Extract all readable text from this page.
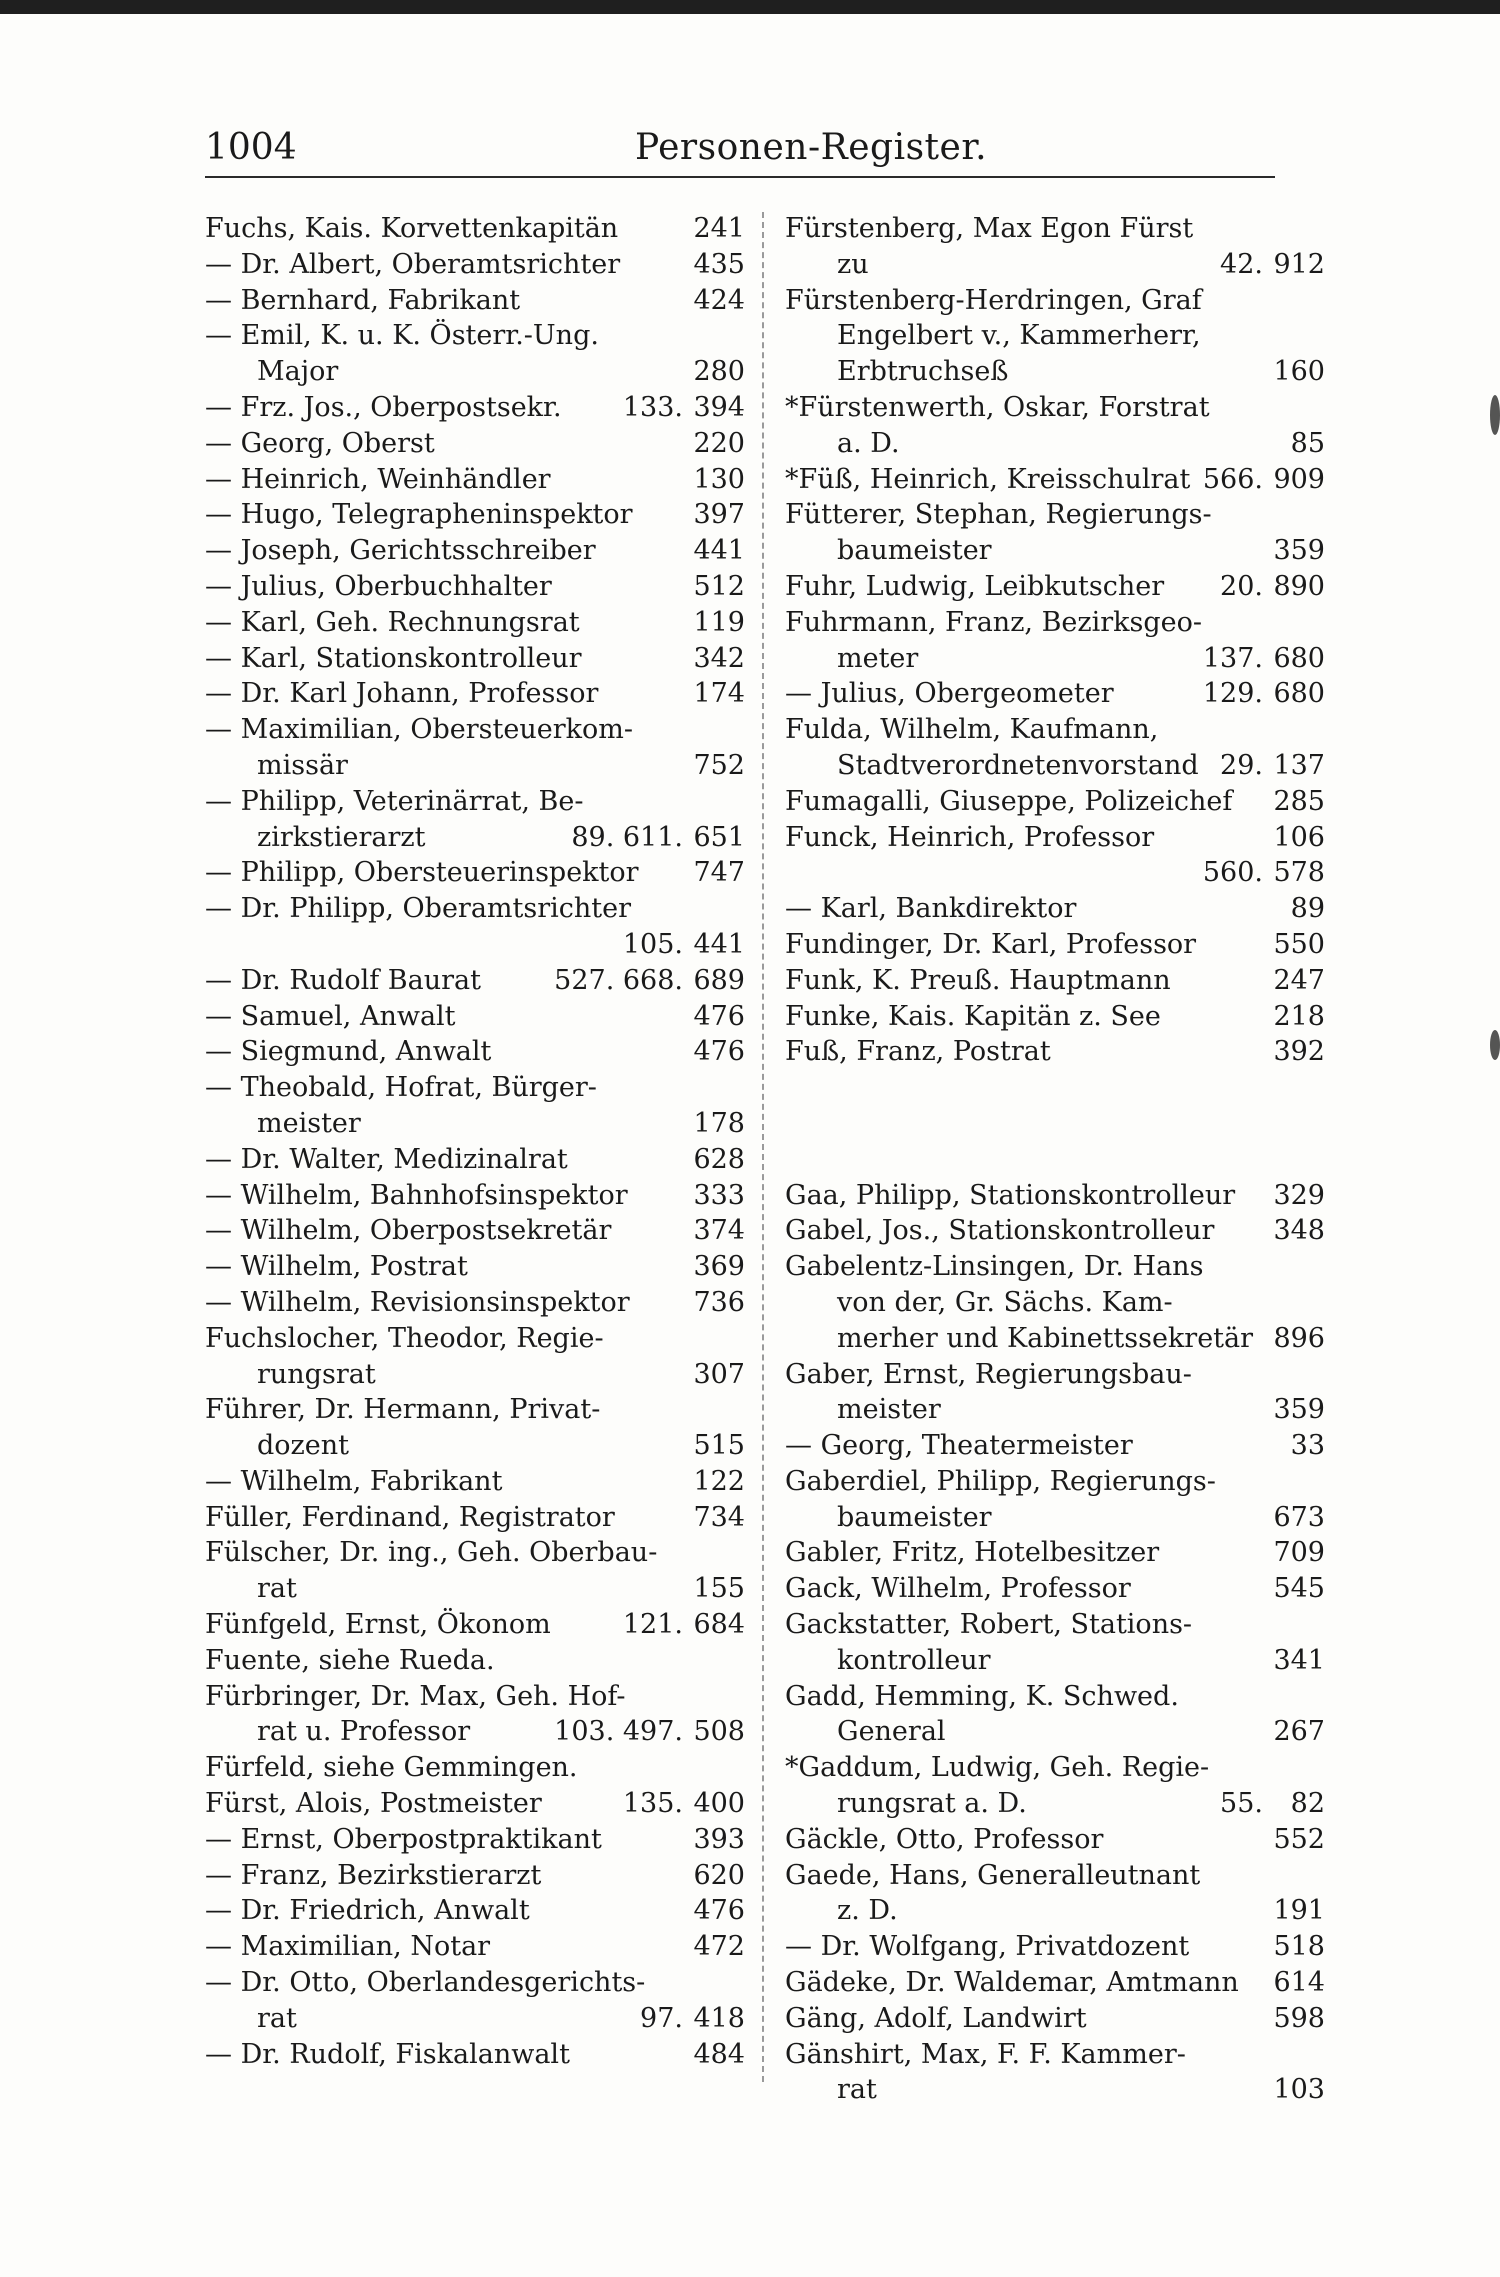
1004	Personen-Register.
Fuchs, Kais. Korvettenkapitän	241
— Dr. Albert, Oberamtsrichter	435
— Bernhard, Fabrikant	424
— Emil, K. u. K. Österr.-Ung.
Major	280
— Frz. Jos., Oberpostsekr. 133. 394
— Georg, Oberst	220
— Heinrich, Weinhändler	130
— Hugo, Telegrapheninspektor	397
— Joseph, Gerichtsschreiber	441
— Julius, Oberbuchhalter	512
— Karl, Geh. Rechnungsrat	119
— Karl, Stationskontrolleur	342
— Dr. Karl Johann, Professor	174
— Maximilian, Obersteuerkom-
missär	752
— Philipp, Veterinärrat, Be-
zirkstierarzt	89. 611. 651
— Philipp, Obersteuerinspektor	747
— Dr. Philipp, Oberamtsrichter
105. 441
— Dr. Rudolf Baurat	527. 668. 689
— Samuel, Anwalt	476
— Siegmund, Anwalt	476
— Theobald, Hofrat, Bürger-
meister	178
— Dr. Walter, Medizinalrat	628
— Wilhelm, Bahnhofsinspektor	333
— Wilhelm, Oberpostsekretär	374
— Wilhelm, Postrat	369
— Wilhelm, Revisionsinspektor	736
Fuchslocher, Theodor, Regie-
rungsrat	307
Führer, Dr. Hermann, Privat-
dozent	515
— Wilhelm, Fabrikant	122
Füller, Ferdinand, Registrator	734
Fülscher, Dr. ing., Geh. Oberbau-
rat	155
Fünfgeld, Ernst, Ökonom	121. 684
Fuente, siehe Rueda.
Fürbringer, Dr. Max, Geh. Hof-
rat u. Professor	103. 497. 508
Fürfeld, siehe Gemmingen.
Fürst, Alois, Postmeister	135. 400
— Ernst, Oberpostpraktikant	393
— Franz, Bezirkstierarzt	620
— Dr. Friedrich, Anwalt	476
— Maximilian, Notar	472
— Dr. Otto, Oberlandesgerichts-
rat	97. 418
— Dr. Rudolf, Fiskalanwalt	484
Fürstenberg, Max Egon Fürst
zu	42. 912
Fürstenberg-Herdringen, Graf
Engelbert v., Kammerherr,
Erbtruchseß	160
*Fürstenwerth, Oskar, Forstrat
a. D.	85
*Füß, Heinrich, Kreisschulrat 566. 909
Fütterer, Stephan, Regierungs-
baumeister	359
Fuhr, Ludwig, Leibkutscher 20. 890
Fuhrmann, Franz, Bezirksgeo-
meter	137. 680
— Julius, Obergeometer	129. 680
Fulda, Wilhelm, Kaufmann,
Stadtverordnetenvorstand 29. 137
Fumagalli, Giuseppe, Polizeichef	285
Funck, Heinrich, Professor	106
560. 578
— Karl, Bankdirektor	89
Fundinger, Dr. Karl, Professor	550
Funk, K. Preuß. Hauptmann	247
Funke, Kais. Kapitän z. See	218
Fuß, Franz, Postrat	392
Gaa, Philipp, Stationskontrolleur	329
Gabel, Jos., Stationskontrolleur	348
Gabelentz-Linsingen, Dr. Hans
von der, Gr. Sächs. Kam-
merher und Kabinettssekretär 896
Gaber, Ernst, Regierungsbau-
meister	359
— Georg, Theatermeister	33
Gaberdiel, Philipp, Regierungs-
baumeister	673
Gabler, Fritz, Hotelbesitzer	709
Gack, Wilhelm, Professor	545
Gackstatter, Robert, Stations-
kontrolleur	341
Gadd, Hemming, K. Schwed.
General	267
*Gaddum, Ludwig, Geh. Regie-
rungsrat a. D.	55. 82
Gäckle, Otto, Professor	552
Gaede, Hans, Generalleutnant
z. D.	191
— Dr. Wolfgang, Privatdozent	518
Gädeke, Dr. Waldemar, Amtmann	614
Gäng, Adolf, Landwirt	598
Gänshirt, Max, F. F. Kammer-
rat	103
